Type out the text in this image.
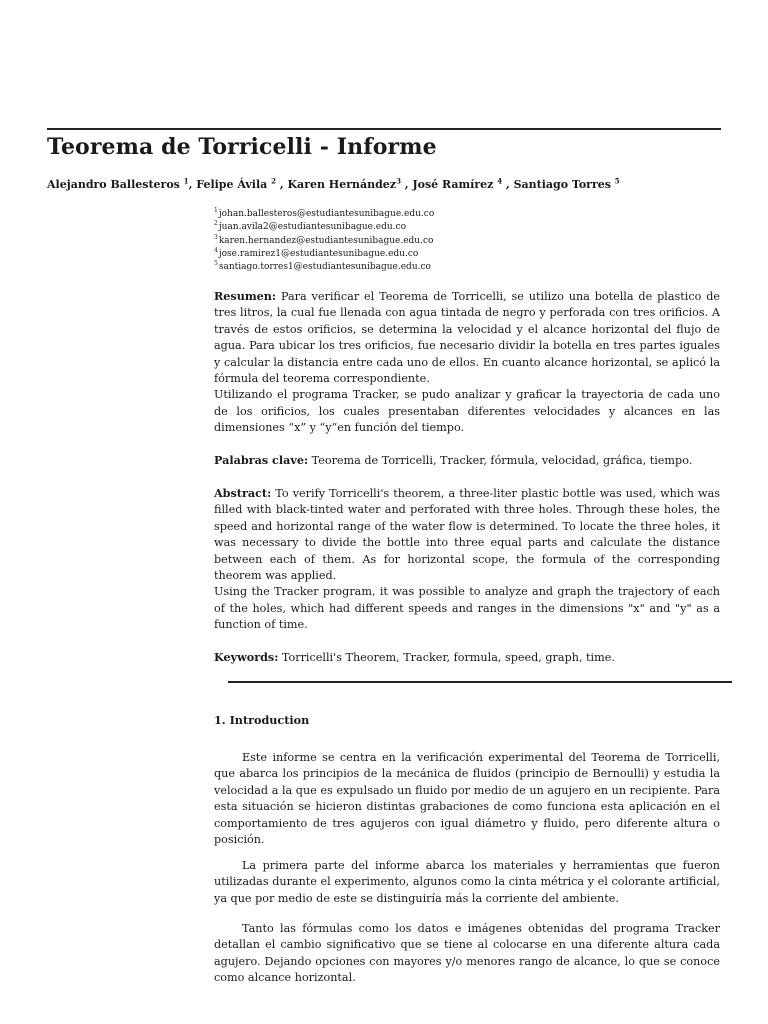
Teorema de Torricelli - Informe
Alejandro Ballesteros $^1$, Felipe Ávila $^2$ , Karen Hernández$^3$ , José Ramírez $^4$ , Santiago Torres $^5$
$^1$johan.ballesteros@estudiantesunibague.edu.co
$^2$juan.avila2@estudiantesunibague.edu.co
$^3$karen.hernandez@estudiantesunibague.edu.co
$^4$jose.ramirez1@estudiantesunibague.edu.co
$^5$santiago.torres1@estudiantesunibague.edu.co

Resumen: Para verificar el Teorema de Torricelli, se utilizo una botella de plastico de tres litros, la cual fue llenada con agua tintada de negro y perforada con tres orificios. A través de estos orificios, se determina la velocidad y el alcance horizontal del flujo de agua. Para ubicar los tres orificios, fue necesario dividir la botella en tres partes iguales y calcular la distancia entre cada uno de ellos. En cuanto alcance horizontal, se aplicó la fórmula del teorema correspondiente.

Utilizando el programa Tracker, se pudo analizar y graficar la trayectoria de cada uno de los orificios, los cuales presentaban diferentes velocidades y alcances en las dimensiones “x” y “y”en función del tiempo.

Palabras clave: Teorema de Torricelli, Tracker, fórmula, velocidad, gráfica, tiempo.

Abstract: To verify Torricelli's theorem, a three-liter plastic bottle was used, which was filled with black-tinted water and perforated with three holes. Through these holes, the speed and horizontal range of the water flow is determined. To locate the three holes, it was necessary to divide the bottle into three equal parts and calculate the distance between each of them. As for horizontal scope, the formula of the corresponding theorem was applied.

Using the Tracker program, it was possible to analyze and graph the trajectory of each of the holes, which had different speeds and ranges in the dimensions "x" and "y" as a function of time.

Keywords: Torricelli's Theorem, Tracker, formula, speed, graph, time.

1. Introduction

Este informe se centra en la verificación experimental del Teorema de Torricelli, que abarca los principios de la mecánica de fluidos (principio de Bernoulli) y estudia la velocidad a la que es expulsado un fluido por medio de un agujero en un recipiente. Para esta situación se hicieron distintas grabaciones de como funciona esta aplicación en el comportamiento de tres agujeros con igual diámetro y fluido, pero diferente altura o posición.

La primera parte del informe abarca los materiales y herramientas que fueron utilizadas durante el experimento, algunos como la cinta métrica y el colorante artificial, ya que por medio de este se distinguiría más la corriente del ambiente.

Tanto las fórmulas como los datos e imágenes obtenidas del programa Tracker detallan el cambio significativo que se tiene al colocarse en una diferente altura cada agujero. Dejando opciones con mayores y/o menores rango de alcance, lo que se conoce como alcance horizontal.
